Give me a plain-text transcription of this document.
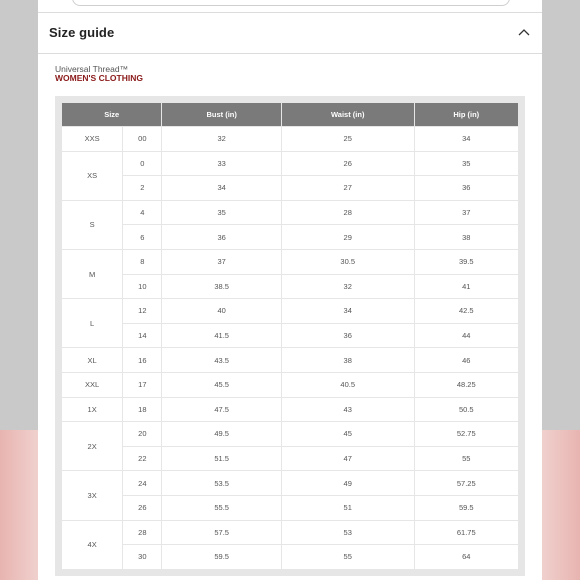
Size guide
Universal Thread™
WOMEN'S CLOTHING
Size		Bust (in)	Waist (in)	Hip (in)
XXS	00	32	25	34
XS	0	33	26	35
	2	34	27	36
S	4	35	28	37
	6	36	29	38
M	8	37	30.5	39.5
	10	38.5	32	41
L	12	40	34	42.5
	14	41.5	36	44
XL	16	43.5	38	46
XXL	17	45.5	40.5	48.25
1X	18	47.5	43	50.5
2X	20	49.5	45	52.75
	22	51.5	47	55
3X	24	53.5	49	57.25
	26	55.5	51	59.5
4X	28	57.5	53	61.75
	30	59.5	55	64
